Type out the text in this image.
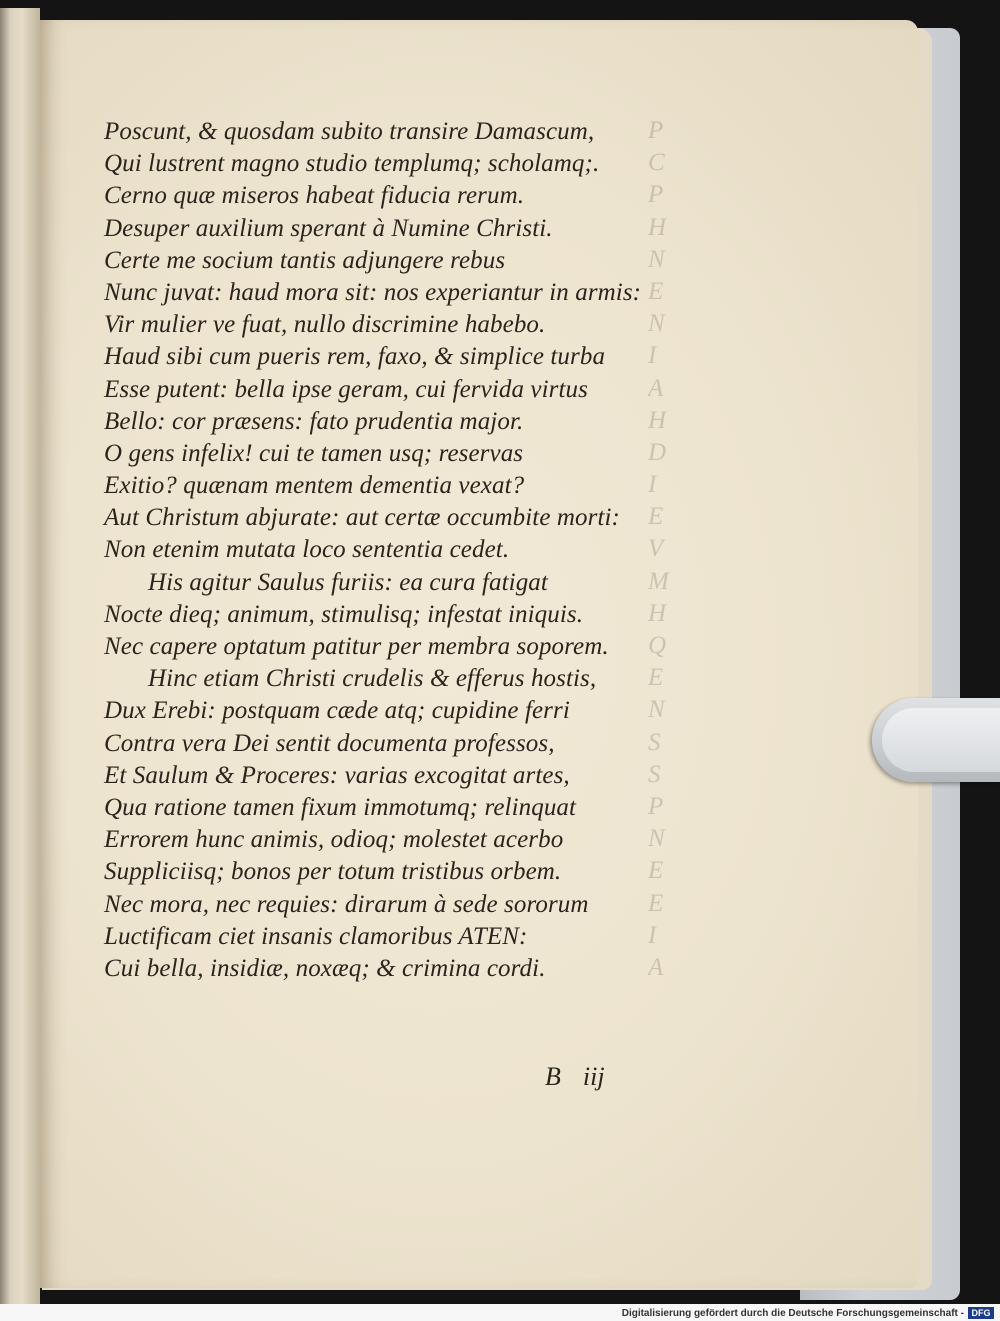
P
C
P
H
N
E
N
I
A
H
D
I
E
V
M
H
Q
E
N
S
S
P
N
E
E
I
A
Poscunt, & quosdam subito transire Damascum,
Qui lustrent magno studio templumq; scholamq;.
Cerno quæ miseros habeat fiducia rerum.
Desuper auxilium sperant à Numine Christi.
Certe me socium tantis adjungere rebus
Nunc juvat: haud mora sit: nos experiantur in armis:
Vir mulier ve fuat, nullo discrimine habebo.
Haud sibi cum pueris rem, faxo, & simplice turba
Esse putent: bella ipse geram, cui fervida virtus
Bello: cor præsens: fato prudentia major.
O gens infelix! cui te tamen usq; reservas
Exitio? quænam mentem dementia vexat?
Aut Christum abjurate: aut certæ occumbite morti:
Non etenim mutata loco sententia cedet.
His agitur Saulus furiis: ea cura fatigat
Nocte dieq; animum, stimulisq; infestat iniquis.
Nec capere optatum patitur per membra soporem.
Hinc etiam Christi crudelis & efferus hostis,
Dux Erebi: postquam cæde atq; cupidine ferri
Contra vera Dei sentit documenta professos,
Et Saulum & Proceres: varias excogitat artes,
Qua ratione tamen fixum immotumq; relinquat
Errorem hunc animis, odioq; molestet acerbo
Suppliciisq; bonos per totum tristibus orbem.
Nec mora, nec requies: dirarum à sede sororum
Luctificam ciet insanis clamoribus ATEN:
Cui bella, insidiæ, noxæq; & crimina cordi.
B iij
Digitalisierung gefördert durch die Deutsche Forschungsgemeinschaft - DFG
